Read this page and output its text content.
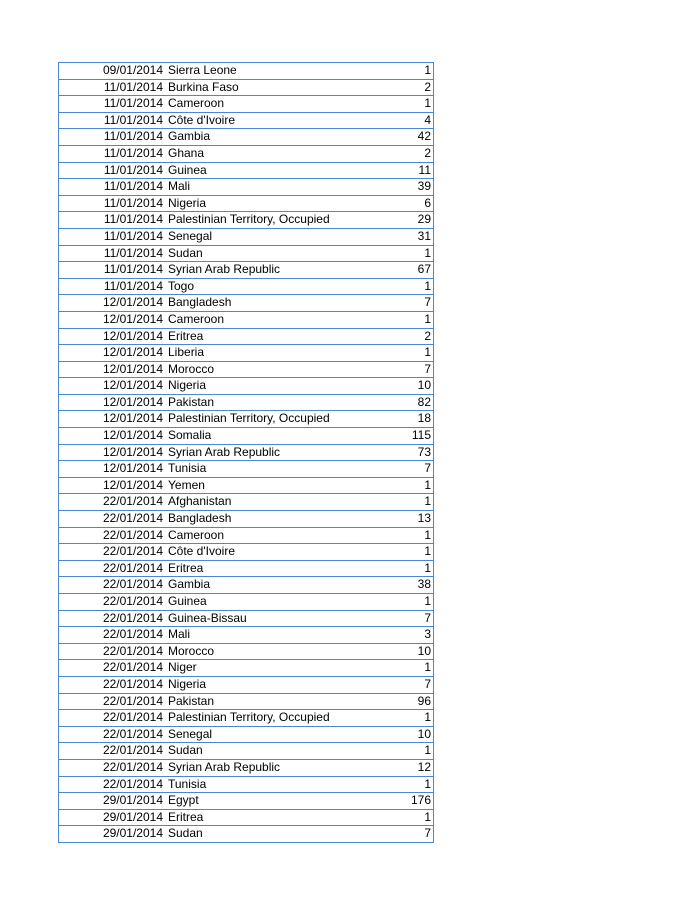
09/01/2014	Sierra Leone	1
11/01/2014	Burkina Faso	2
11/01/2014	Cameroon	1
11/01/2014	Côte d'Ivoire	4
11/01/2014	Gambia	42
11/01/2014	Ghana	2
11/01/2014	Guinea	11
11/01/2014	Mali	39
11/01/2014	Nigeria	6
11/01/2014	Palestinian Territory, Occupied	29
11/01/2014	Senegal	31
11/01/2014	Sudan	1
11/01/2014	Syrian Arab Republic	67
11/01/2014	Togo	1
12/01/2014	Bangladesh	7
12/01/2014	Cameroon	1
12/01/2014	Eritrea	2
12/01/2014	Liberia	1
12/01/2014	Morocco	7
12/01/2014	Nigeria	10
12/01/2014	Pakistan	82
12/01/2014	Palestinian Territory, Occupied	18
12/01/2014	Somalia	115
12/01/2014	Syrian Arab Republic	73
12/01/2014	Tunisia	7
12/01/2014	Yemen	1
22/01/2014	Afghanistan	1
22/01/2014	Bangladesh	13
22/01/2014	Cameroon	1
22/01/2014	Côte d'Ivoire	1
22/01/2014	Eritrea	1
22/01/2014	Gambia	38
22/01/2014	Guinea	1
22/01/2014	Guinea-Bissau	7
22/01/2014	Mali	3
22/01/2014	Morocco	10
22/01/2014	Niger	1
22/01/2014	Nigeria	7
22/01/2014	Pakistan	96
22/01/2014	Palestinian Territory, Occupied	1
22/01/2014	Senegal	10
22/01/2014	Sudan	1
22/01/2014	Syrian Arab Republic	12
22/01/2014	Tunisia	1
29/01/2014	Egypt	176
29/01/2014	Eritrea	1
29/01/2014	Sudan	7
